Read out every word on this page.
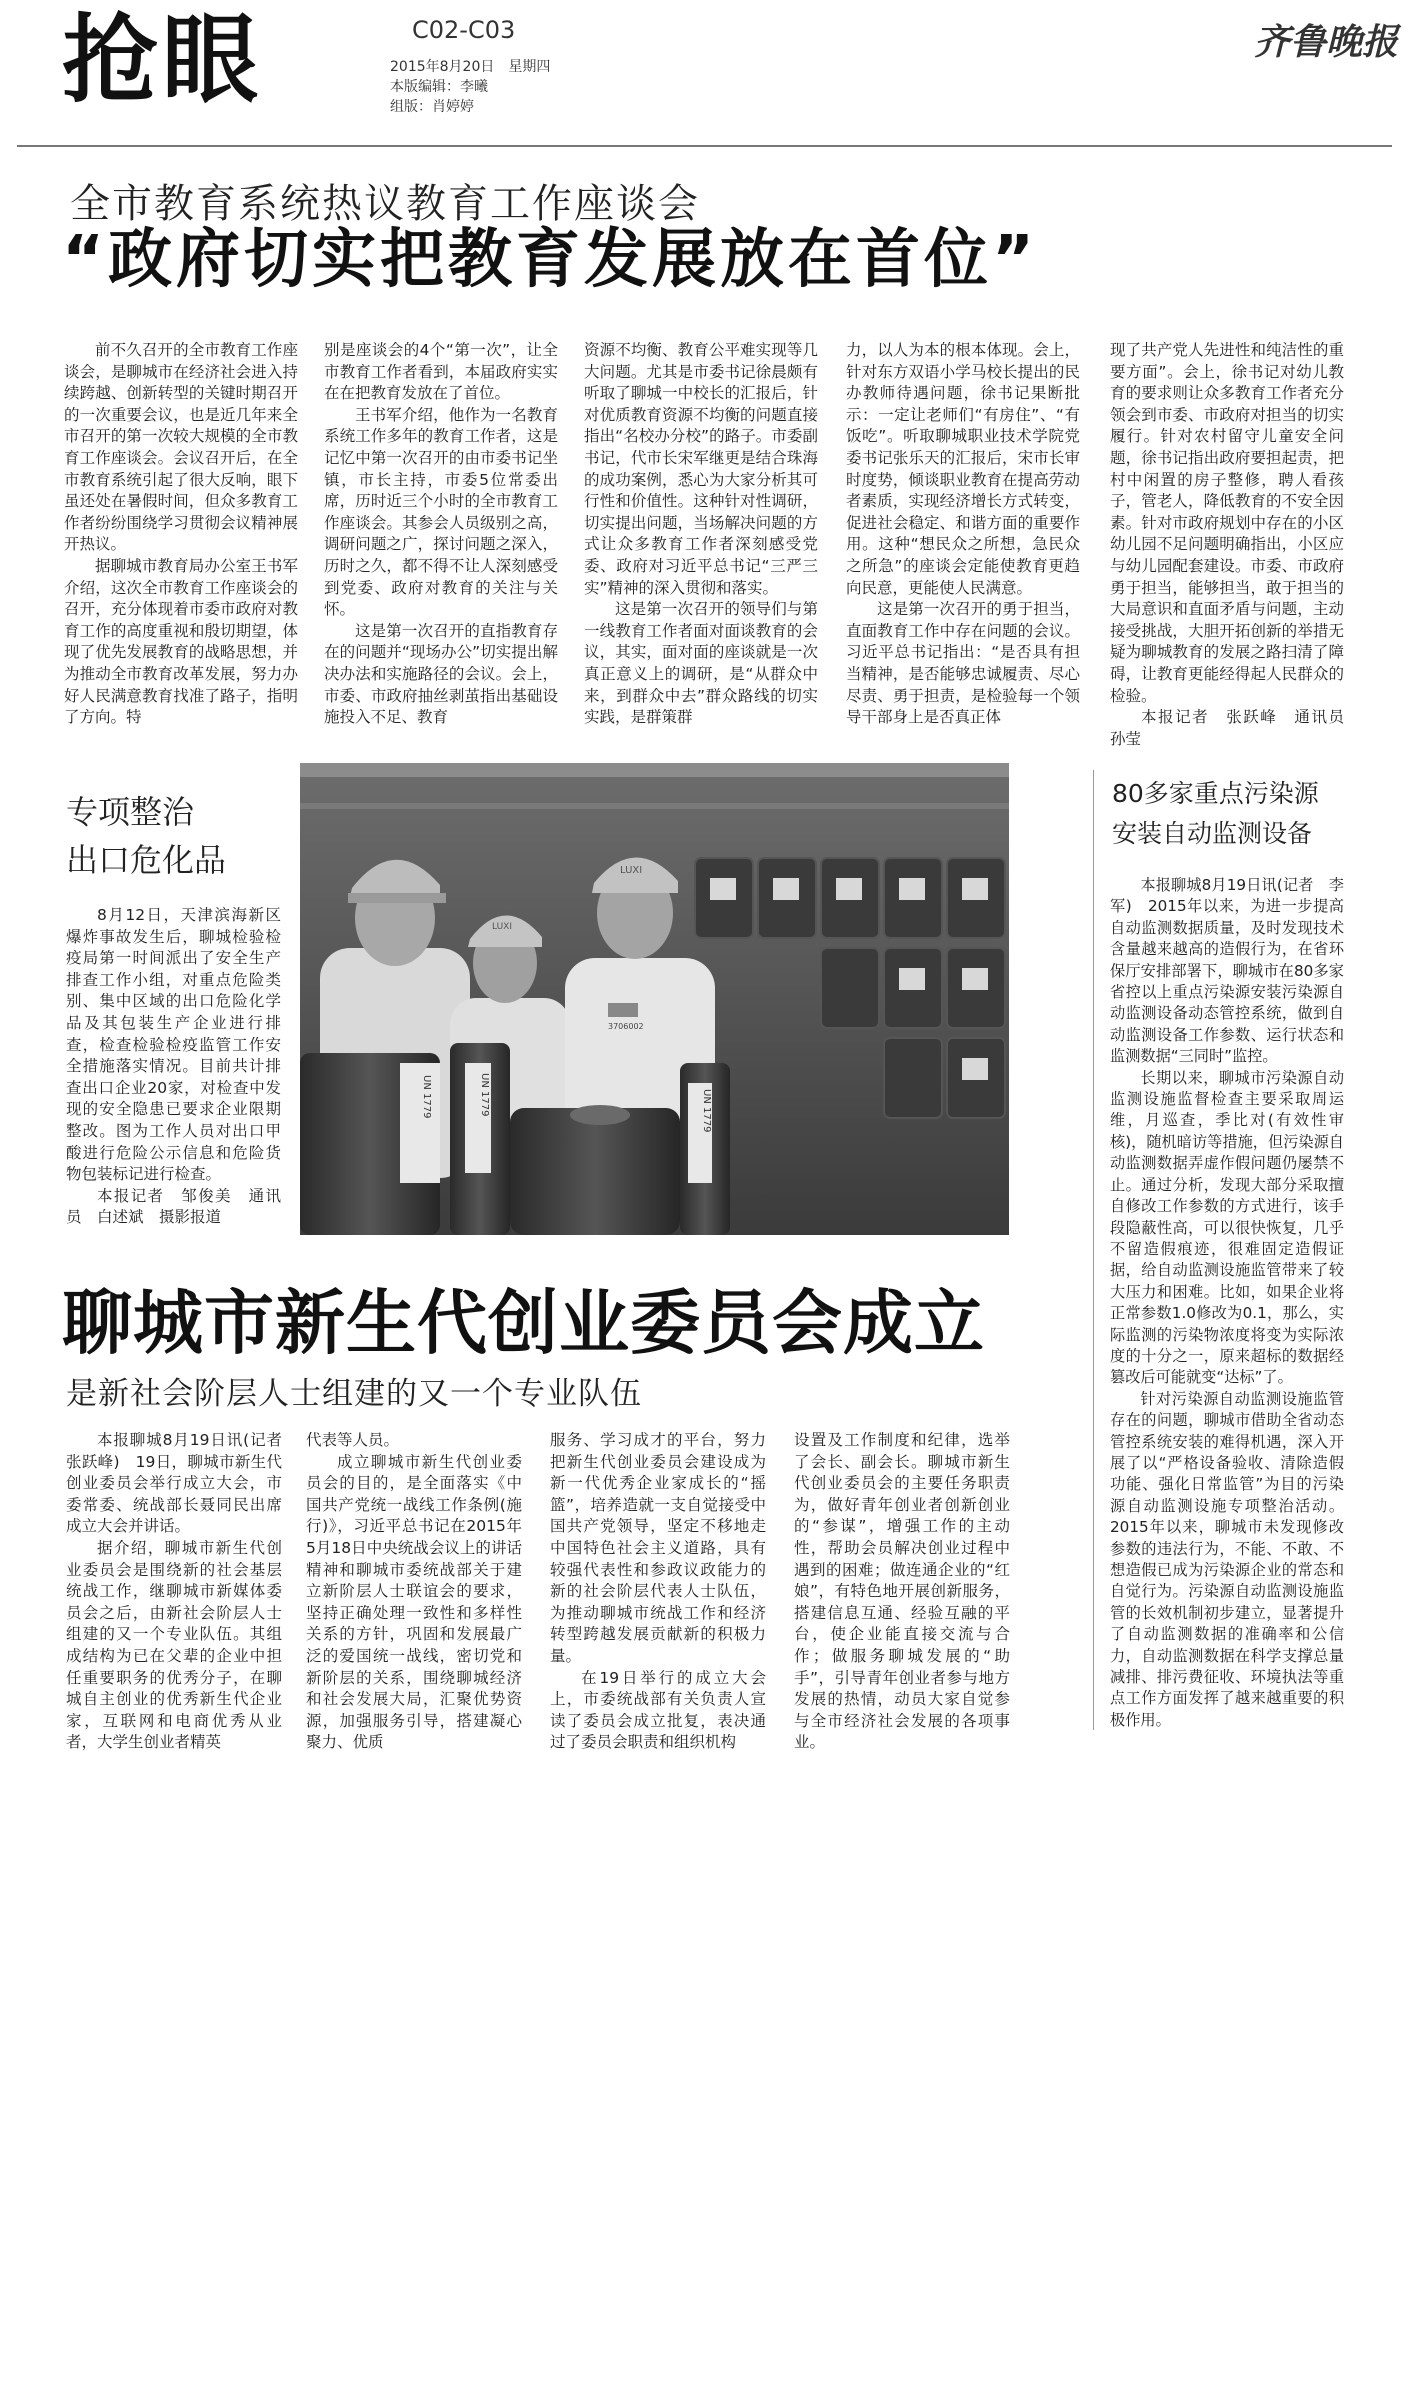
抢眼	C02-C03
2015年8月20日　星期四
本版编辑：李曦
组版：肖婷婷
齐鲁晚报
全市教育系统热议教育工作座谈会
“政府切实把教育发展放在首位”

前不久召开的全市教育工作座谈会，是聊城市在经济社会进入持续跨越、创新转型的关键时期召开的一次重要会议，也是近几年来全市召开的第一次较大规模的全市教育工作座谈会。会议召开后，在全市教育系统引起了很大反响，眼下虽还处在暑假时间，但众多教育工作者纷纷围绕学习贯彻会议精神展开热议。

据聊城市教育局办公室王书军介绍，这次全市教育工作座谈会的召开，充分体现着市委市政府对教育工作的高度重视和殷切期望，体现了优先发展教育的战略思想，并为推动全市教育改革发展，努力办好人民满意教育找准了路子，指明了方向。特

别是座谈会的4个“第一次”，让全市教育工作者看到，本届政府实实在在把教育发放在了首位。

王书军介绍，他作为一名教育系统工作多年的教育工作者，这是记忆中第一次召开的由市委书记坐镇，市长主持，市委5位常委出席，历时近三个小时的全市教育工作座谈会。其参会人员级别之高，调研问题之广，探讨问题之深入，历时之久，都不得不让人深刻感受到党委、政府对教育的关注与关怀。

这是第一次召开的直指教育存在的问题并“现场办公”切实提出解决办法和实施路径的会议。会上，市委、市政府抽丝剥茧指出基础设施投入不足、教育

资源不均衡、教育公平难实现等几大问题。尤其是市委书记徐晨颇有听取了聊城一中校长的汇报后，针对优质教育资源不均衡的问题直接指出“名校办分校”的路子。市委副书记，代市长宋军继更是结合珠海的成功案例，悉心为大家分析其可行性和价值性。这种针对性调研，切实提出问题，当场解决问题的方式让众多教育工作者深刻感受党委、政府对习近平总书记“三严三实”精神的深入贯彻和落实。

这是第一次召开的领导们与第一线教育工作者面对面谈教育的会议，其实，面对面的座谈就是一次真正意义上的调研，是“从群众中来，到群众中去”群众路线的切实实践，是群策群

力，以人为本的根本体现。会上，针对东方双语小学马校长提出的民办教师待遇问题，徐书记果断批示：一定让老师们“有房住”、“有饭吃”。听取聊城职业技术学院党委书记张乐天的汇报后，宋市长审时度势，倾谈职业教育在提高劳动者素质，实现经济增长方式转变，促进社会稳定、和谐方面的重要作用。这种“想民众之所想，急民众之所急”的座谈会定能使教育更趋向民意，更能使人民满意。

这是第一次召开的勇于担当，直面教育工作中存在问题的会议。习近平总书记指出：“是否具有担当精神，是否能够忠诚履责、尽心尽责、勇于担责，是检验每一个领导干部身上是否真正体

现了共产党人先进性和纯洁性的重要方面”。会上，徐书记对幼儿教育的要求则让众多教育工作者充分领会到市委、市政府对担当的切实履行。针对农村留守儿童安全问题，徐书记指出政府要担起责，把村中闲置的房子整修，聘人看孩子，管老人，降低教育的不安全因素。针对市政府规划中存在的小区幼儿园不足问题明确指出，小区应与幼儿园配套建设。市委、市政府勇于担当，能够担当，敢于担当的大局意识和直面矛盾与问题，主动接受挑战，大胆开拓创新的举措无疑为聊城教育的发展之路扫清了障碍，让教育更能经得起人民群众的检验。

本报记者　张跃峰　通讯员　孙莹

专项整治
出口危化品

8月12日，天津滨海新区爆炸事故发生后，聊城检验检疫局第一时间派出了安全生产排查工作小组，对重点危险类别、集中区域的出口危险化学品及其包装生产企业进行排查，检查检验检疫监管工作安全措施落实情况。目前共计排查出口企业20家，对检查中发现的安全隐患已要求企业限期整改。图为工作人员对出口甲酸进行危险公示信息和危险货物包装标记进行检查。

本报记者　邹俊美　通讯员　白述斌　摄影报道

LUXI
LUXI
3706002
UN 1779	UN 1779	UN 1779
80多家重点污染源
安装自动监测设备

本报聊城8月19日讯(记者　李军)　2015年以来，为进一步提高自动监测数据质量，及时发现技术含量越来越高的造假行为，在省环保厅安排部署下，聊城市在80多家省控以上重点污染源安装污染源自动监测设备动态管控系统，做到自动监测设备工作参数、运行状态和监测数据“三同时”监控。

长期以来，聊城市污染源自动监测设施监督检查主要采取周运维，月巡查，季比对(有效性审核)，随机暗访等措施，但污染源自动监测数据弄虚作假问题仍屡禁不止。通过分析，发现大部分采取擅自修改工作参数的方式进行，该手段隐蔽性高，可以很快恢复，几乎不留造假痕迹，很难固定造假证据，给自动监测设施监管带来了较大压力和困难。比如，如果企业将正常参数1.0修改为0.1，那么，实际监测的污染物浓度将变为实际浓度的十分之一，原来超标的数据经篡改后可能就变“达标”了。

针对污染源自动监测设施监管存在的问题，聊城市借助全省动态管控系统安装的难得机遇，深入开展了以“严格设备验收、清除造假功能、强化日常监管”为目的污染源自动监测设施专项整治活动。2015年以来，聊城市未发现修改参数的违法行为，不能、不敢、不想造假已成为污染源企业的常态和自觉行为。污染源自动监测设施监管的长效机制初步建立，显著提升了自动监测数据的准确率和公信力，自动监测数据在科学支撑总量减排、排污费征收、环境执法等重点工作方面发挥了越来越重要的积极作用。

聊城市新生代创业委员会成立
是新社会阶层人士组建的又一个专业队伍

本报聊城8月19日讯(记者　张跃峰)　19日，聊城市新生代创业委员会举行成立大会，市委常委、统战部长聂同民出席成立大会并讲话。

据介绍，聊城市新生代创业委员会是围绕新的社会基层统战工作，继聊城市新媒体委员会之后，由新社会阶层人士组建的又一个专业队伍。其组成结构为已在父辈的企业中担任重要职务的优秀分子，在聊城自主创业的优秀新生代企业家，互联网和电商优秀从业者，大学生创业者精英

代表等人员。

成立聊城市新生代创业委员会的目的，是全面落实《中国共产党统一战线工作条例(施行)》，习近平总书记在2015年5月18日中央统战会议上的讲话精神和聊城市委统战部关于建立新阶层人士联谊会的要求，坚持正确处理一致性和多样性关系的方针，巩固和发展最广泛的爱国统一战线，密切党和新阶层的关系，围绕聊城经济和社会发展大局，汇聚优势资源，加强服务引导，搭建凝心聚力、优质

服务、学习成才的平台，努力把新生代创业委员会建设成为新一代优秀企业家成长的“摇篮”，培养造就一支自觉接受中国共产党领导，坚定不移地走中国特色社会主义道路，具有较强代表性和参政议政能力的新的社会阶层代表人士队伍，为推动聊城市统战工作和经济转型跨越发展贡献新的积极力量。

在19日举行的成立大会上，市委统战部有关负责人宣读了委员会成立批复，表决通过了委员会职责和组织机构

设置及工作制度和纪律，选举了会长、副会长。聊城市新生代创业委员会的主要任务职责为，做好青年创业者创新创业的“参谋”，增强工作的主动性，帮助会员解决创业过程中遇到的困难；做连通企业的“红娘”，有特色地开展创新服务，搭建信息互通、经验互融的平台，使企业能直接交流与合作；做服务聊城发展的“助手”，引导青年创业者参与地方发展的热情，动员大家自觉参与全市经济社会发展的各项事业。
